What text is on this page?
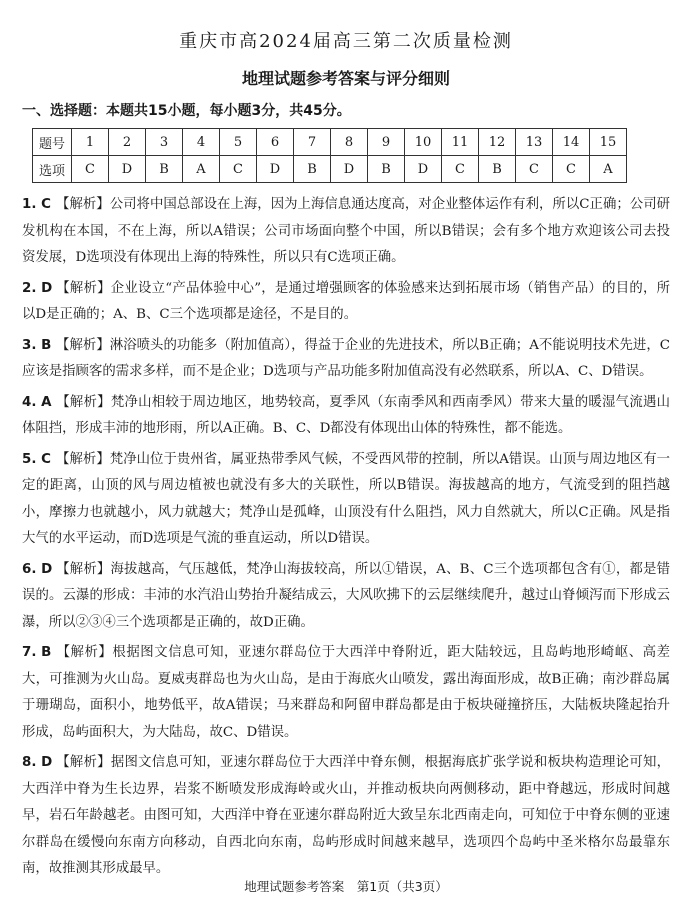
重庆市高2024届高三第二次质量检测
地理试题参考答案与评分细则
一、选择题：本题共15小题，每小题3分，共45分。
题号	1	2	3	4	5	6	7	8	9	10	11	12	13	14	15
选项	C	D	B	A	C	D	B	D	B	D	C	B	C	C	A
1. C 【解析】公司将中国总部设在上海，因为上海信息通达度高，对企业整体运作有利，所以C正确；公司研发机构在本国，不在上海，所以A错误；公司市场面向整个中国，所以B错误；会有多个地方欢迎该公司去投资发展，D选项没有体现出上海的特殊性，所以只有C选项正确。
2. D 【解析】企业设立“产品体验中心”，是通过增强顾客的体验感来达到拓展市场（销售产品）的目的，所以D是正确的；A、B、C三个选项都是途径，不是目的。
3. B 【解析】淋浴喷头的功能多（附加值高），得益于企业的先进技术，所以B正确；A不能说明技术先进，C应该是指顾客的需求多样，而不是企业；D选项与产品功能多附加值高没有必然联系，所以A、C、D错误。
4. A 【解析】梵净山相较于周边地区，地势较高，夏季风（东南季风和西南季风）带来大量的暖湿气流遇山体阻挡，形成丰沛的地形雨，所以A正确。B、C、D都没有体现出山体的特殊性，都不能选。
5. C 【解析】梵净山位于贵州省，属亚热带季风气候，不受西风带的控制，所以A错误。山顶与周边地区有一定的距离，山顶的风与周边植被也就没有多大的关联性，所以B错误。海拔越高的地方，气流受到的阻挡越小，摩擦力也就越小，风力就越大；梵净山是孤峰，山顶没有什么阻挡，风力自然就大，所以C正确。风是指大气的水平运动，而D选项是气流的垂直运动，所以D错误。
6. D 【解析】海拔越高，气压越低，梵净山海拔较高，所以①错误，A、B、C三个选项都包含有①，都是错误的。云瀑的形成：丰沛的水汽沿山势抬升凝结成云，大风吹拂下的云层继续爬升，越过山脊倾泻而下形成云瀑，所以②③④三个选项都是正确的，故D正确。
7. B 【解析】根据图文信息可知，亚速尔群岛位于大西洋中脊附近，距大陆较远，且岛屿地形崎岖、高差大，可推测为火山岛。夏威夷群岛也为火山岛，是由于海底火山喷发，露出海面形成，故B正确；南沙群岛属于珊瑚岛，面积小，地势低平，故A错误；马来群岛和阿留申群岛都是由于板块碰撞挤压，大陆板块隆起抬升形成，岛屿面积大，为大陆岛，故C、D错误。
8. D 【解析】据图文信息可知，亚速尔群岛位于大西洋中脊东侧，根据海底扩张学说和板块构造理论可知，大西洋中脊为生长边界，岩浆不断喷发形成海岭或火山，并推动板块向两侧移动，距中脊越远，形成时间越早，岩石年龄越老。由图可知，大西洋中脊在亚速尔群岛附近大致呈东北西南走向，可知位于中脊东侧的亚速尔群岛在缓慢向东南方向移动，自西北向东南，岛屿形成时间越来越早，选项四个岛屿中圣米格尔岛最靠东南，故推测其形成最早。
地理试题参考答案　第1页（共3页）
